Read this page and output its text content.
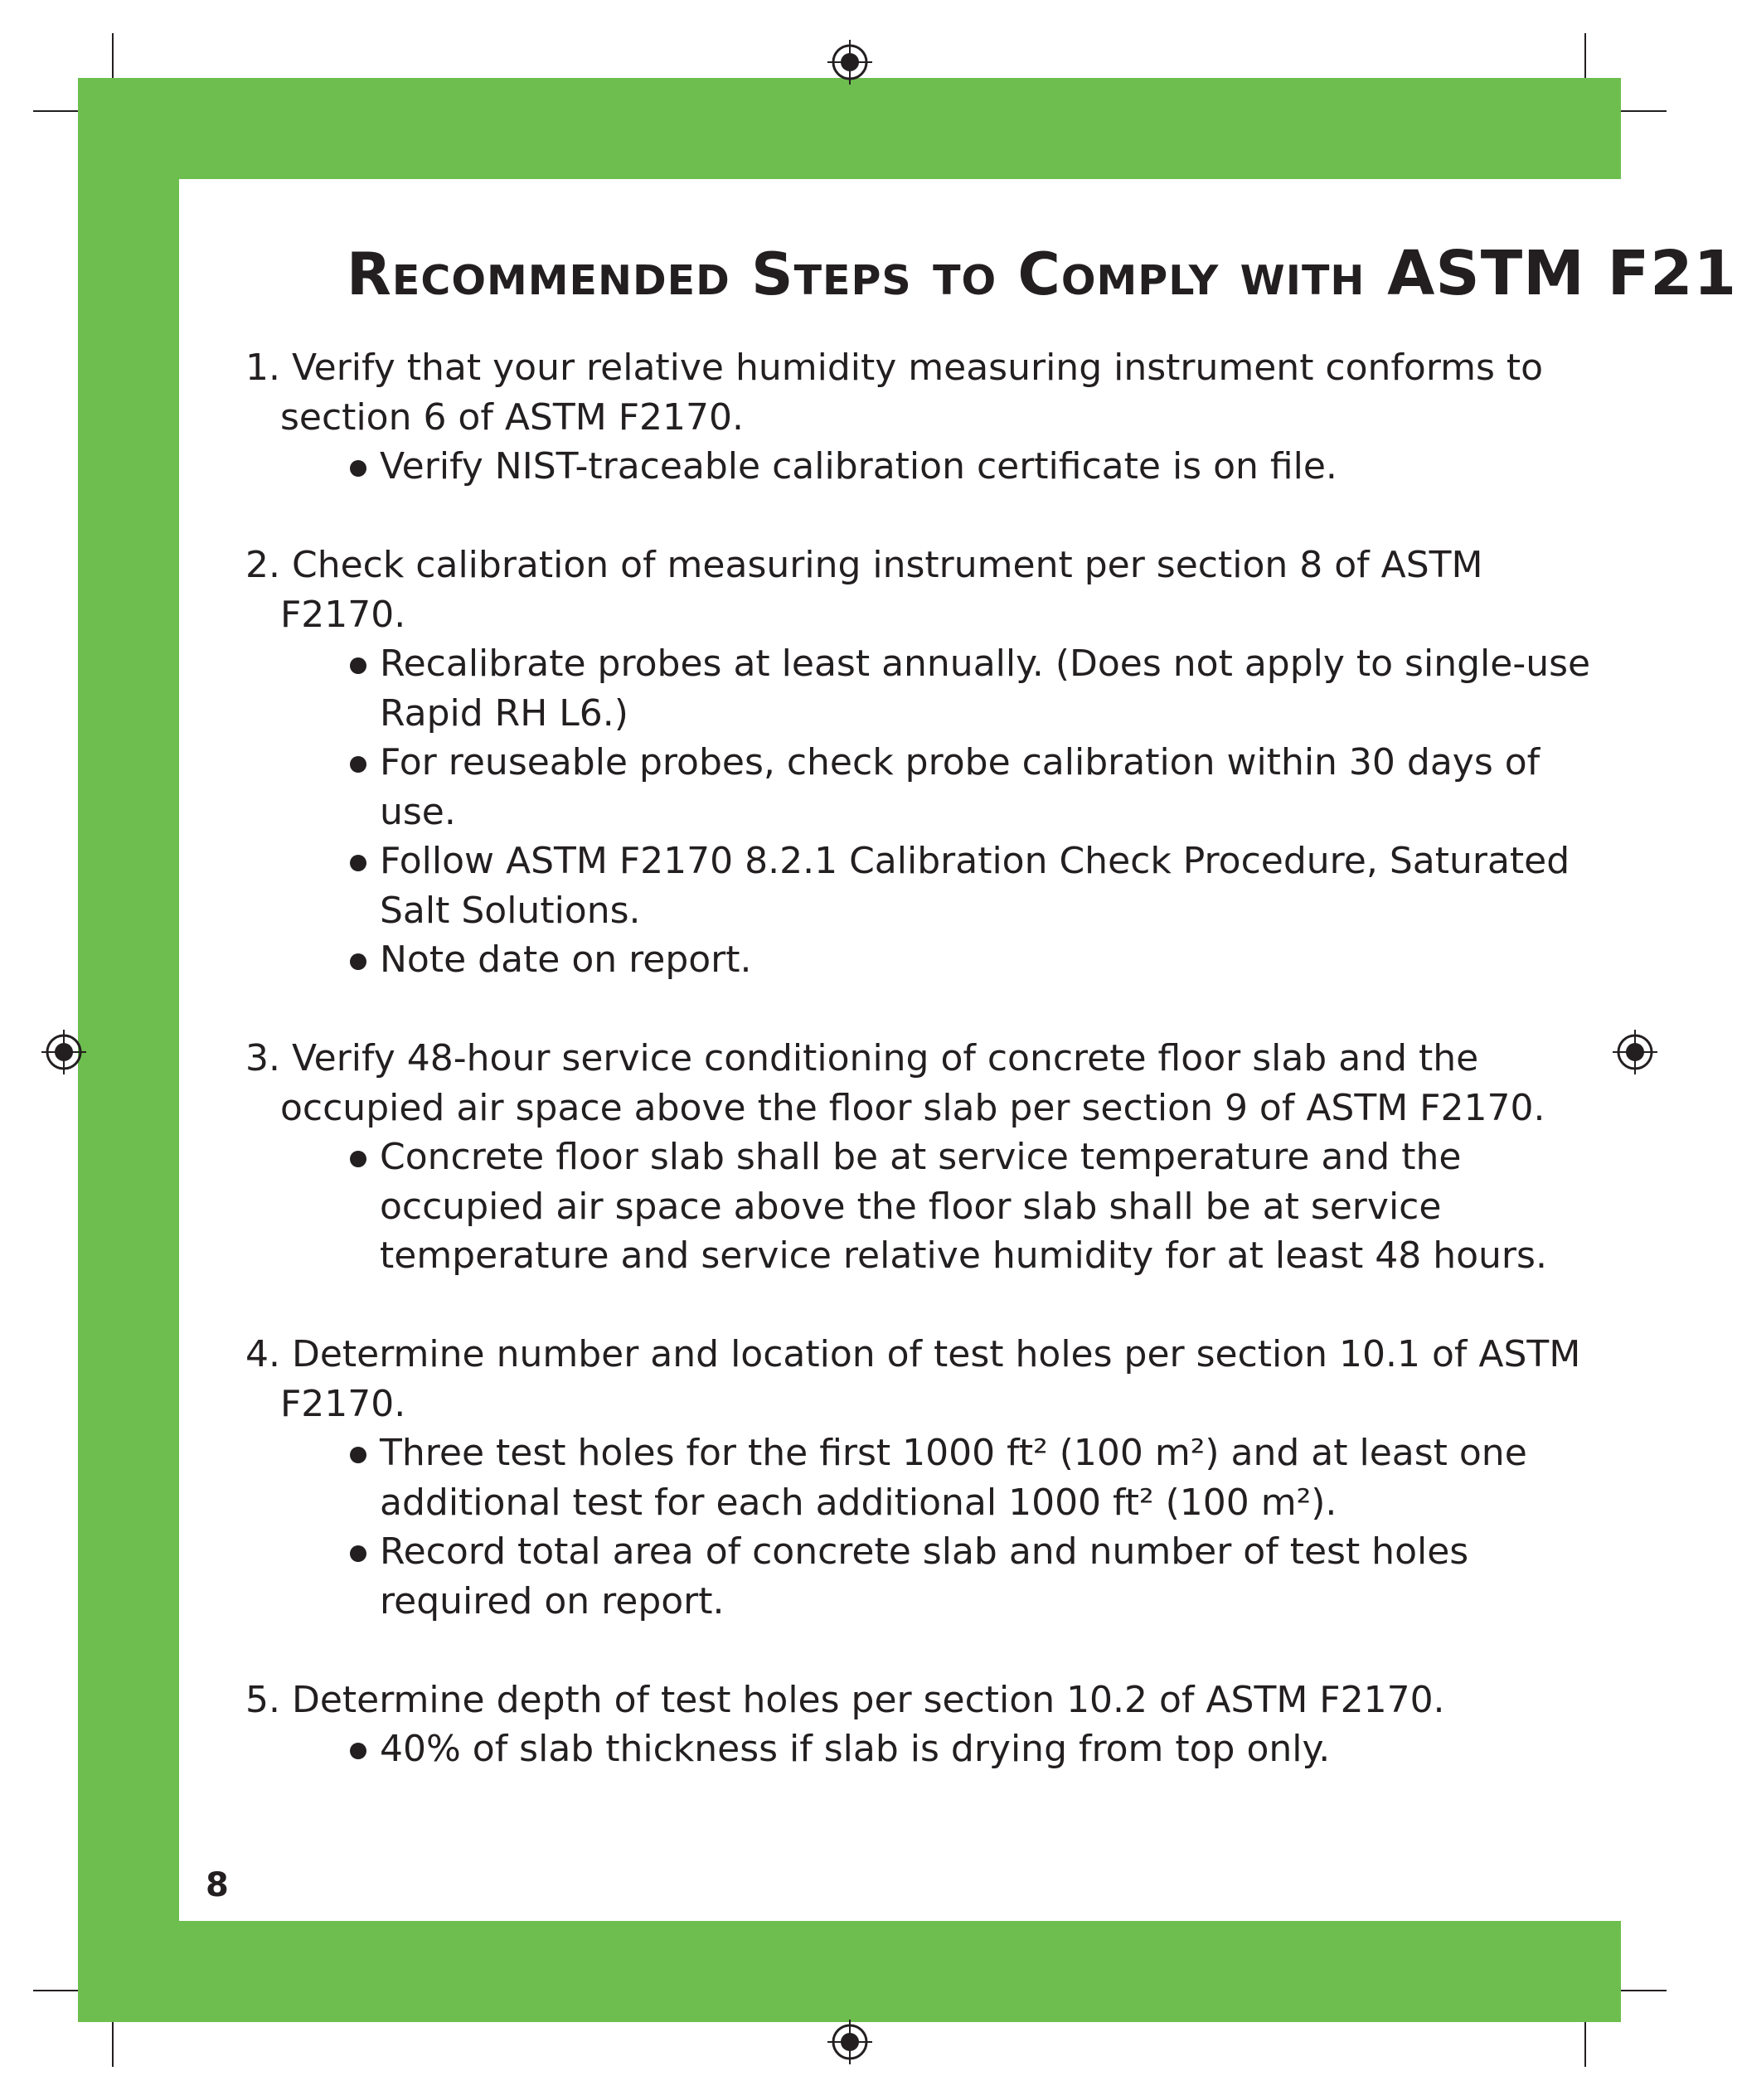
Recommended Steps to Comply with ASTM F21
1. Verify that your relative humidity measuring instrument conforms to section 6 of ASTM F2170.
Verify NIST-traceable calibration certificate is on file.
2. Check calibration of measuring instrument per section 8 of ASTM F2170.
Recalibrate probes at least annually. (Does not apply to single-use Rapid RH L6.)
For reuseable probes, check probe calibration within 30 days of use.
Follow ASTM F2170 8.2.1 Calibration Check Procedure, Saturated Salt Solutions.
Note date on report.
3. Verify 48-hour service conditioning of concrete floor slab and the occupied air space above the floor slab per section 9 of ASTM F2170.
Concrete floor slab shall be at service temperature and the occupied air space above the floor slab shall be at service temperature and service relative humidity for at least 48 hours.
4. Determine number and location of test holes per section 10.1 of ASTM F2170.
Three test holes for the first 1000 ft² (100 m²) and at least one additional test for each additional 1000 ft² (100 m²).
Record total area of concrete slab and number of test holes required on report.
5. Determine depth of test holes per section 10.2 of ASTM F2170.
40% of slab thickness if slab is drying from top only.
8
